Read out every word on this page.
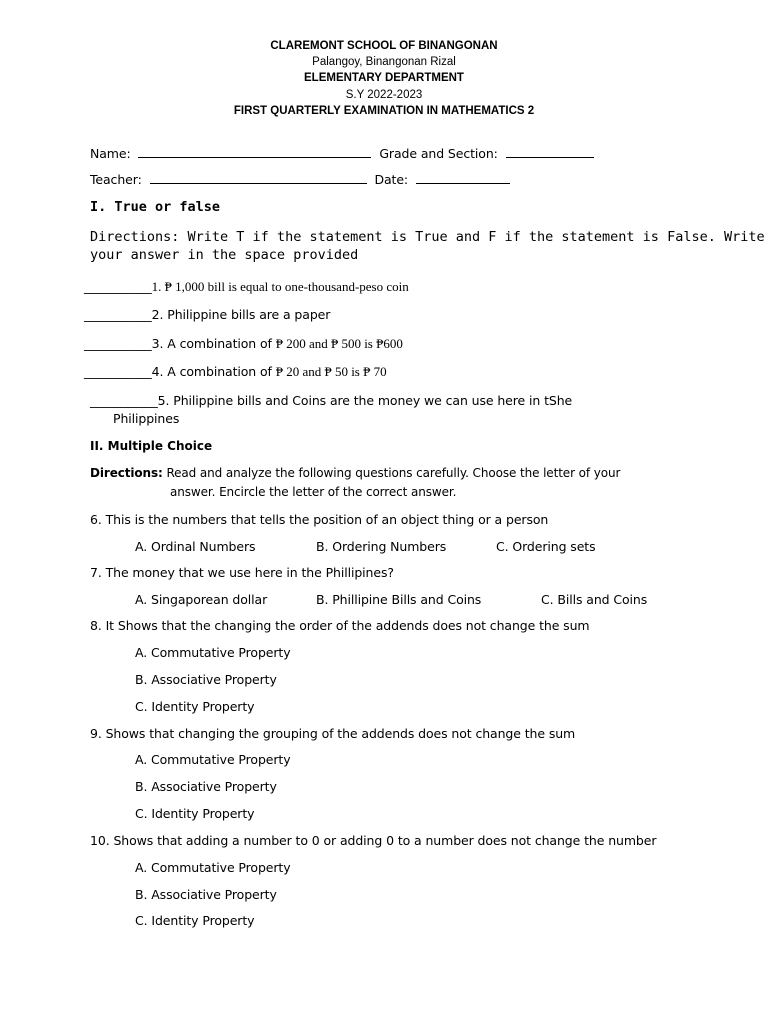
CLAREMONT SCHOOL OF BINANGONAN
Palangoy, Binangonan Rizal
ELEMENTARY DEPARTMENT
S.Y 2022-2023
FIRST QUARTERLY EXAMINATION IN MATHEMATICS 2
Name:	Grade and Section:
Teacher:	Date:
I. True or false
Directions: Write T if the statement is True and F if the statement is False. Write
your answer in the space provided
___________1. ₱ 1,000 bill is equal to one-thousand-peso coin
___________2. Philippine bills are a paper
___________3. A combination of ₱ 200 and ₱ 500 is ₱600
___________4. A combination of ₱ 20 and ₱ 50 is ₱ 70
___________5. Philippine bills and Coins are the money we can use here in tShe
Philippines
II. Multiple Choice
Directions: Read and analyze the following questions carefully. Choose the letter of your
answer. Encircle the letter of the correct answer.
6. This is the numbers that tells the position of an object thing or a person
A. Ordinal Numbers	B. Ordering Numbers	C. Ordering sets
7. The money that we use here in the Phillipines?
A. Singaporean dollar	B. Phillipine Bills and Coins	C. Bills and Coins
8. It Shows that the changing the order of the addends does not change the sum
A. Commutative Property
B. Associative Property
C. Identity Property
9. Shows that changing the grouping of the addends does not change the sum
A. Commutative Property
B. Associative Property
C. Identity Property
10. Shows that adding a number to 0 or adding 0 to a number does not change the number
A. Commutative Property
B. Associative Property
C. Identity Property
